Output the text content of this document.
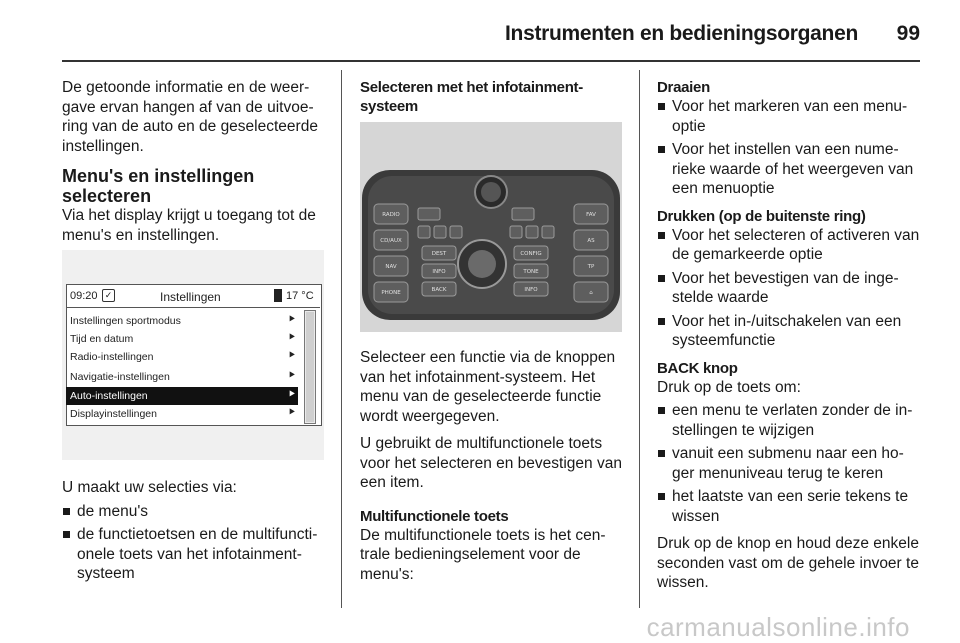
Instrumenten en bedieningsorganen 99

De getoonde informatie en de weer-gave ervan hangen af van de uitvoe-ring van de auto en de geselecteerde instellingen.

Menu's en instellingen selecteren

Via het display krijgt u toegang tot de menu's en instellingen.

09:20 ✓	Instellingen	17 °C
Instellingen sportmodus	⯈
Tijd en datum	⯈
Radio-instellingen	⯈
Navigatie-instellingen	⯈
Auto-instellingen	⯈
Displayinstellingen	⯈

U maakt uw selecties via:

de menu's
de functietoetsen en de multifuncti-onele toets van het infotainment-systeem
Selecteren met het infotainment-systeem
RADIO
CD/AUX
NAV
PHONE
FAV
AS
TP
⌂
DEST	CONFIG
INFO
TONE
BACK
INFO

Selecteer een functie via de knoppen van het infotainment-systeem. Het menu van de geselecteerde functie wordt weergegeven.

U gebruikt de multifunctionele toets voor het selecteren en bevestigen van een item.

Multifunctionele toets

De multifunctionele toets is het cen-trale bedieningselement voor de menu's:

Draaien
Voor het markeren van een menu-optie
Voor het instellen van een nume-rieke waarde of het weergeven van een menuoptie
Drukken (op de buitenste ring)
Voor het selecteren of activeren van de gemarkeerde optie
Voor het bevestigen van de inge-stelde waarde
Voor het in-/uitschakelen van een systeemfunctie
BACK knop

Druk op de toets om:

een menu te verlaten zonder de in-stellingen te wijzigen
vanuit een submenu naar een ho-ger menuniveau terug te keren
het laatste van een serie tekens te wissen

Druk op de knop en houd deze enkele seconden vast om de gehele invoer te wissen.

carmanualsonline.info
